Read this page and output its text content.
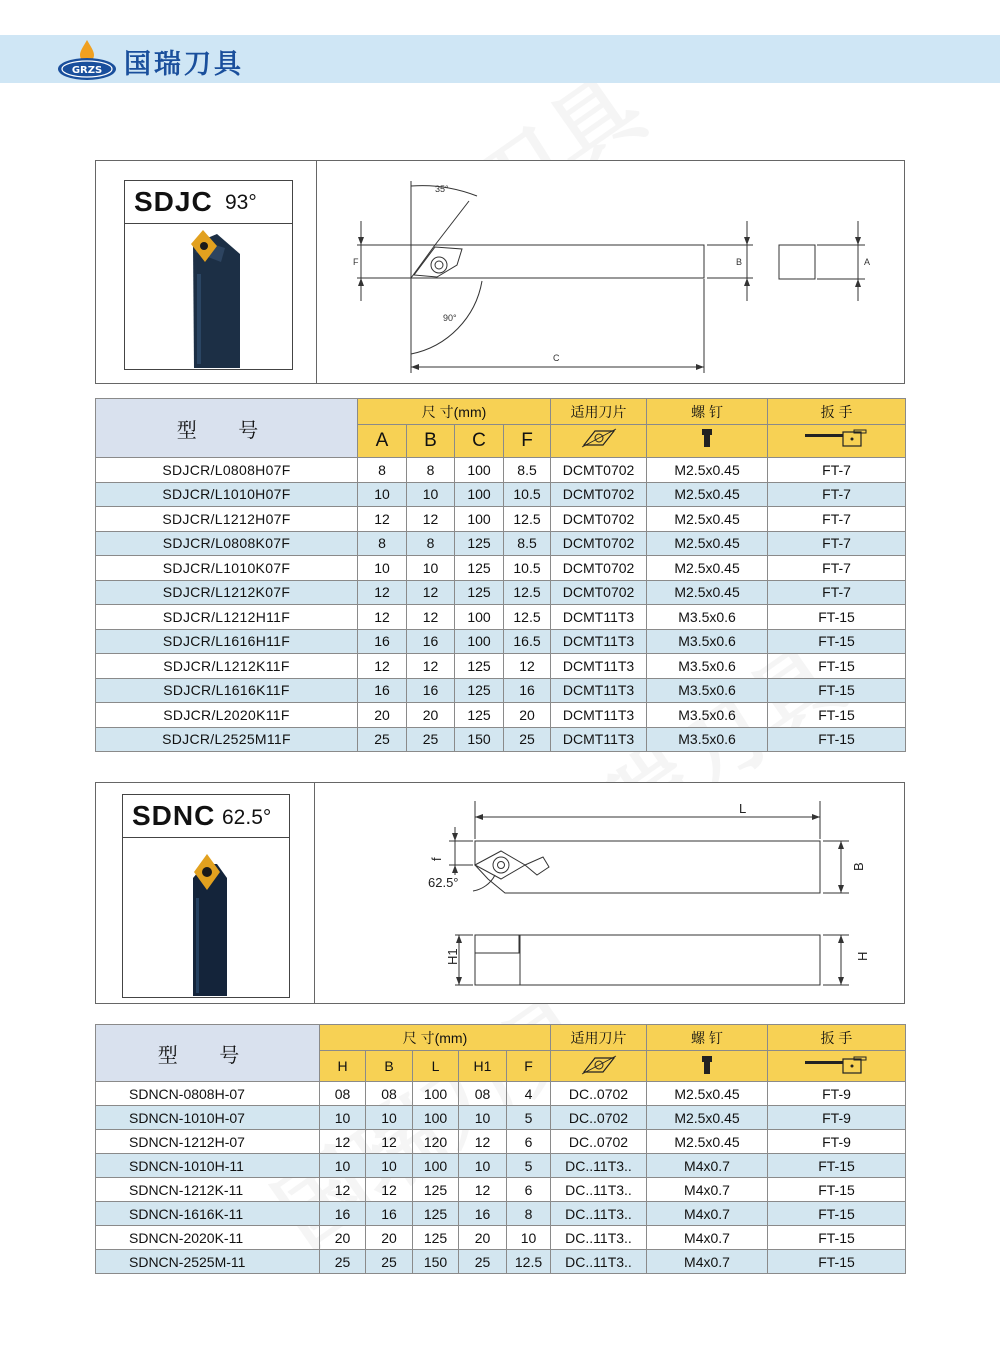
GRZS 国瑞刀具
SDJC 93°
35°
90°
F	B	A
C
型 号	尺 寸(mm)				适用刀片	螺 钉	扳 手
	A	B	C	F			
SDJCR/L0808H07F	8	8	100	8.5	DCMT0702	M2.5x0.45	FT-7
SDJCR/L1010H07F	10	10	100	10.5	DCMT0702	M2.5x0.45	FT-7
SDJCR/L1212H07F	12	12	100	12.5	DCMT0702	M2.5x0.45	FT-7
SDJCR/L0808K07F	8	8	125	8.5	DCMT0702	M2.5x0.45	FT-7
SDJCR/L1010K07F	10	10	125	10.5	DCMT0702	M2.5x0.45	FT-7
SDJCR/L1212K07F	12	12	125	12.5	DCMT0702	M2.5x0.45	FT-7
SDJCR/L1212H11F	12	12	100	12.5	DCMT11T3	M3.5x0.6	FT-15
SDJCR/L1616H11F	16	16	100	16.5	DCMT11T3	M3.5x0.6	FT-15
SDJCR/L1212K11F	12	12	125	12	DCMT11T3	M3.5x0.6	FT-15
SDJCR/L1616K11F	16	16	125	16	DCMT11T3	M3.5x0.6	FT-15
SDJCR/L2020K11F	20	20	125	20	DCMT11T3	M3.5x0.6	FT-15
SDJCR/L2525M11F	25	25	150	25	DCMT11T3	M3.5x0.6	FT-15
SDNC 62.5°	L
f
62.5°
B
H1	H
型 号	尺 寸(mm)					适用刀片	螺 钉	扳 手
	H	B	L	H1	F			
SDNCN-0808H-07	08	08	100	08	4	DC..0702	M2.5x0.45	FT-9
SDNCN-1010H-07	10	10	100	10	5	DC..0702	M2.5x0.45	FT-9
SDNCN-1212H-07	12	12	120	12	6	DC..0702	M2.5x0.45	FT-9
SDNCN-1010H-11	10	10	100	10	5	DC..11T3..	M4x0.7	FT-15
SDNCN-1212K-11	12	12	125	12	6	DC..11T3..	M4x0.7	FT-15
SDNCN-1616K-11	16	16	125	16	8	DC..11T3..	M4x0.7	FT-15
SDNCN-2020K-11	20	20	125	20	10	DC..11T3..	M4x0.7	FT-15
SDNCN-2525M-11	25	25	150	25	12.5	DC..11T3..	M4x0.7	FT-15
